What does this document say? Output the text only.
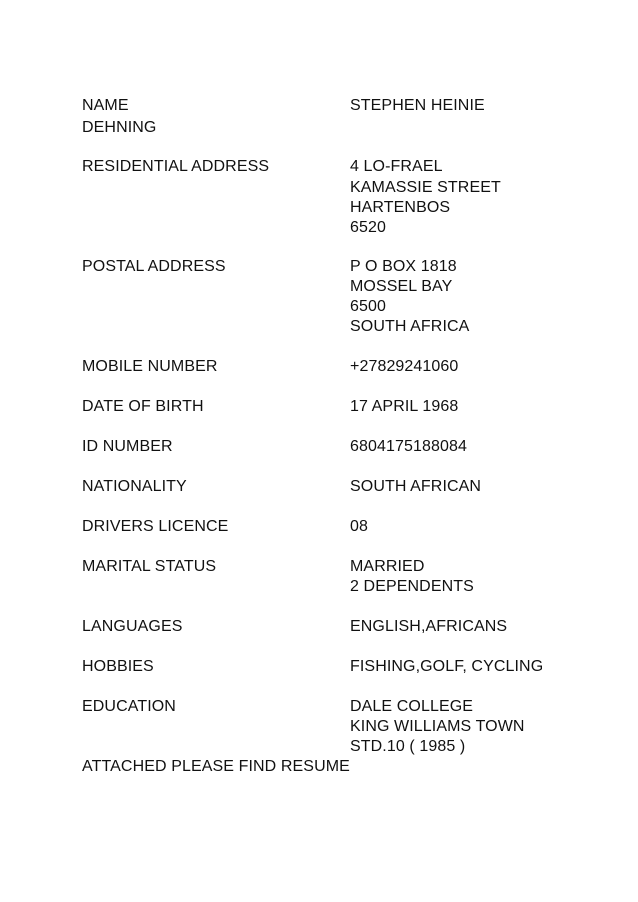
NAME	STEPHEN HEINIE
DEHNING
RESIDENTIAL ADDRESS	4 LO-FRAEL
KAMASSIE STREET
HARTENBOS
6520
POSTAL ADDRESS	P O BOX 1818
MOSSEL BAY
6500
SOUTH AFRICA
MOBILE NUMBER	+27829241060
DATE OF BIRTH	17 APRIL 1968
ID NUMBER	6804175188084
NATIONALITY	SOUTH AFRICAN
DRIVERS LICENCE	08
MARITAL STATUS	MARRIED
2 DEPENDENTS
LANGUAGES	ENGLISH,AFRICANS
HOBBIES	FISHING,GOLF, CYCLING
EDUCATION	DALE COLLEGE
KING WILLIAMS TOWN
STD.10 ( 1985 )
ATTACHED PLEASE FIND RESUME
